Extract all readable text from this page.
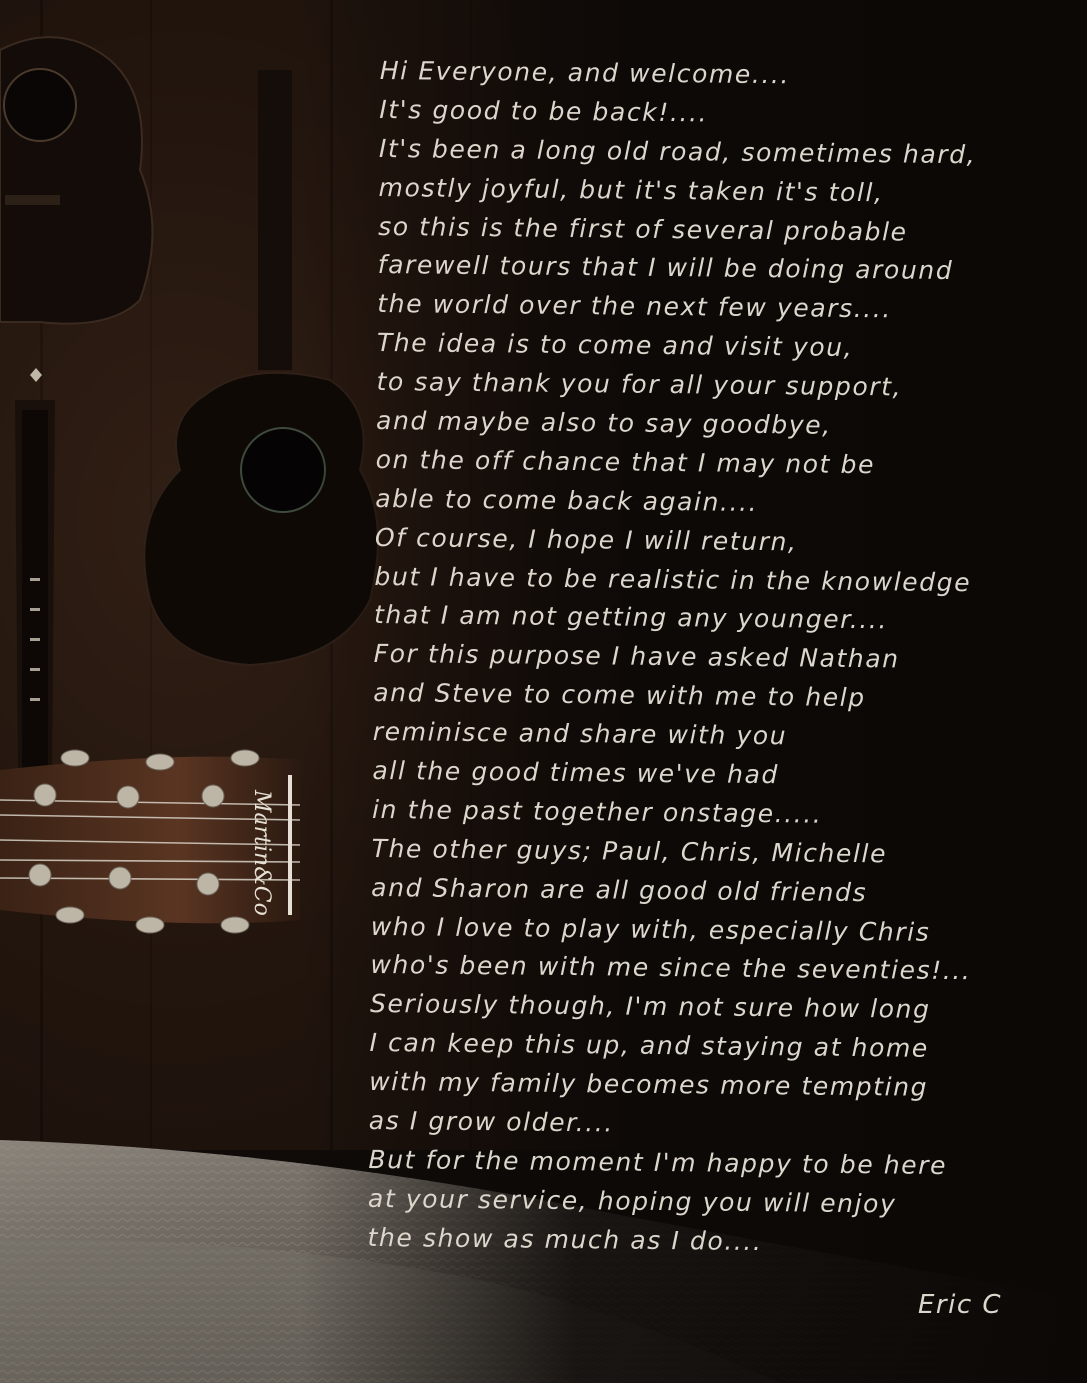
Martin&Co
Hi Everyone, and welcome....
It's good to be back!....
It's been a long old road, sometimes hard,
mostly joyful, but it's taken it's toll,
so this is the first of several probable
farewell tours that I will be doing around
the world over the next few years....
The idea is to come and visit you,
to say thank you for all your support,
and maybe also to say goodbye,
on the off chance that I may not be
able to come back again....
Of course, I hope I will return,
but I have to be realistic in the knowledge
that I am not getting any younger....
For this purpose I have asked Nathan
and Steve to come with me to help
reminisce and share with you
all the good times we've had
in the past together onstage.....
The other guys; Paul, Chris, Michelle
and Sharon are all good old friends
who I love to play with, especially Chris
who's been with me since the seventies!...
Seriously though, I'm not sure how long
I can keep this up, and staying at home
with my family becomes more tempting
as I grow older....
But for the moment I'm happy to be here
at your service, hoping you will enjoy
the show as much as I do....
Eric C
